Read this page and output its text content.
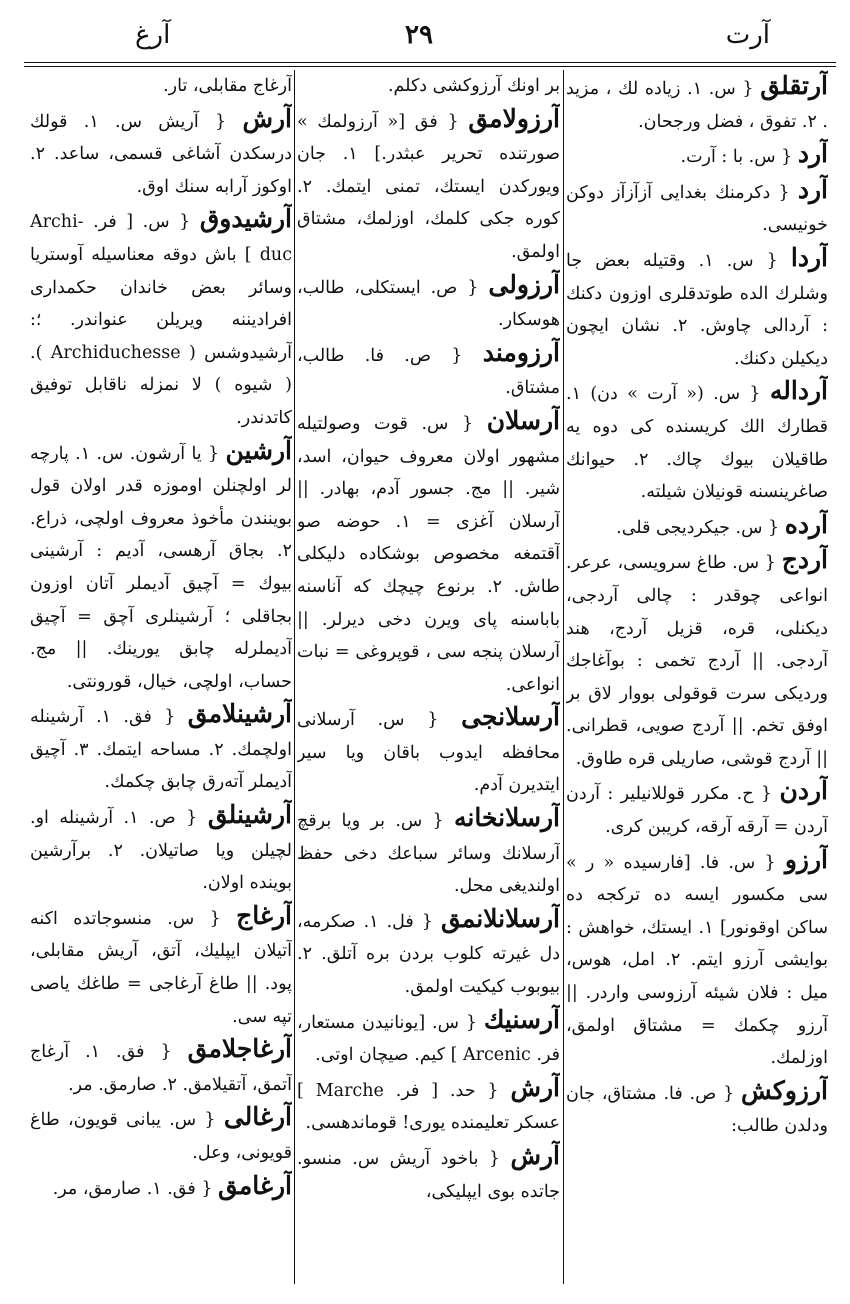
آرغ	٢٩	آرت

آرتقلق { س. ١. زياده لك ، مزيد . ٢. تفوق ، فضل ورجحان.

آرد { س. با : آرت.

آرد { دكرمنك بغدايى آزآزآز دوكن خونيسى.

آردا { س. ١. وقتيله بعض جا وشلرك الده طوتدقلرى اوزون دكنك : آردالى چاوش. ٢. نشان ايچون ديكيلن دكنك.

آرداله { س. (« آرت » دن) ١. قطارك الك كريسنده كى دوه يه طاقيلان بيوك چاك. ٢. حيوانك صاغرينسنه قونيلان شيلته.

آرده { س. جيكرديجى قلى.

آردج { س. طاغ سرويسى، عرعر. انواعى چوقدر : چالى آردجى، ديكنلى، قره، قزيل آردج، هند آردجى. || آردج تخمى : بوآغاجك ورديكى سرت قوقولى بووار لاق بر اوفق تخم. || آردج صويى، قطرانى. || آردج قوشى، صاريلى قره طاوق.

آردن { ح. مكرر قوللانيلير : آردن آردن = آرقه آرقه، كريبن كرى.

آرزو { س. فا. [فارسيده « ر » سى مكسور ايسه ده تركجه ده ساكن اوقونور] ١. ايستك، خواهش : بوايشى آرزو ايتم. ٢. امل، هوس، ميل : فلان شيئه آرزوسى واردر. || آرزو چكمك = مشتاق اولمق، اوزلمك.

آرزوكش { ص. فا. مشتاق، جان ودلدن طالب:

بر اونك آرزوكشى دكلم.

آرزولامق { فق [« آرزولمك » صورتنده تحرير عبثدر.] ١. جان ويوركدن ايستك، تمنى ايتمك. ٢. كوره جكى كلمك، اوزلمك، مشتاق اولمق.

آرزولى { ص. ايستكلى، طالب، هوسكار.

آرزومند { ص. فا. طالب، مشتاق.

آرسلان { س. قوت وصولتيله مشهور اولان معروف حيوان، اسد، شير. || مج. جسور آدم، بهادر. || آرسلان آغزى = ١. حوضه صو آقتمغه مخصوص بوشكاده دليكلى طاش. ٢. برنوع چيچك كه آناسنه باباسنه پاى ويرن دخى ديرلر. || آرسلان پنجه سى ، قوپروغى = نبات انواعى.

آرسلانجى { س. آرسلانى محافظه ايدوب باقان ويا سير ايتديرن آدم.

آرسلانخانه { س. بر ويا برقچ آرسلانك وسائر سباعك دخى حفظ اولنديغى محل.

آرسلانلانمق { فل. ١. صكرمه، دل غيرته كلوب بردن بره آتلق. ٢. بيوبوب كيكيت اولمق.

آرسنيك { س. [يونانيدن مستعار، فر. Arcenic ] كيم. صيچان اوتى.

آرش { حد. [ فر. Marche ] عسكر تعليمنده يورى! قوماندهسى.

آرش { باخود آريش س. منسو. جاتده بوى ايپليكى،

آرغاج مقابلى، تار.

آرش { آريش س. ١. قولك درسكدن آشاغى قسمى، ساعد. ٢. اوكوز آرابه سنك اوق.

آرشيدوق { س. [ فر. Archi-duc ] باش دوقه معناسيله آوستريا وسائر بعض خاندان حكمدارى افراديننه ويريلن عنواندر. ؛: آرشيدوشس ( Archiduchesse ). ( شيوه ) لا نمزله ناقابل توفيق كاتدندر.

آرشين { يا آرشون. س. ١. پارچه لر اولچنلن اوموزه قدر اولان قول بوينندن مأخوذ معروف اولچى، ذراع. ٢. بجاق آرهسى، آديم : آرشينى بيوك = آچيق آديملر آتان اوزون بجاقلى ؛ آرشينلرى آچق = آچيق آديملرله چابق يورينك. || مج. حساب، اولچى، خيال، قورونتى.

آرشينلامق { فق. ١. آرشينله اولچمك. ٢. مساحه ايتمك. ٣. آچيق آديملر آتەرق چابق چكمك.

آرشينلق { ص. ١. آرشينله او. لچيلن ويا صاتيلان. ٢. برآرشين بوينده اولان.

آرغاج { س. منسوجاتده اكنه آتيلان ايپليك، آتق، آريش مقابلى، پود. || طاغ آرغاجى = طاغك ياصى تپه سى.

آرغاجلامق { فق. ١. آرغاج آتمق، آتقيلامق. ٢. صارمق. مر.

آرغالى { س. يبانى قويون، طاغ قويونى، وعل.

آرغامق { فق. ١. صارمق، مر.
